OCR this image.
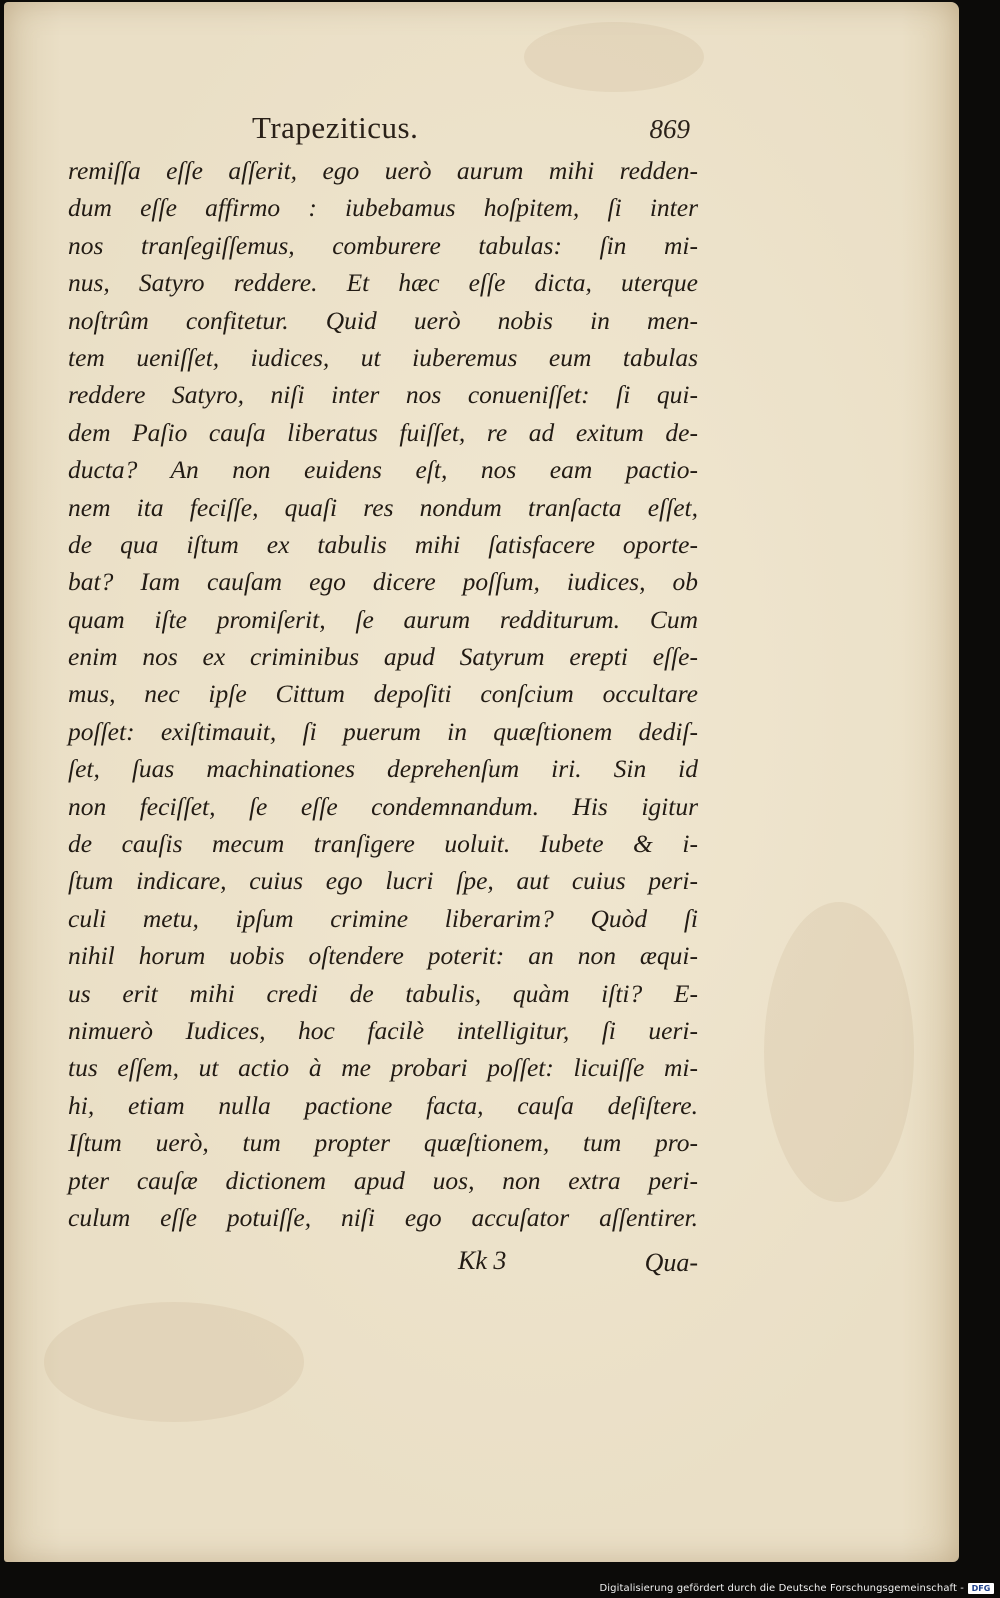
Trapeziticus.	869
remiſſa eſſe aſſerit, ego uerò aurum mihi redden-
dum eſſe affirmo : iubebamus hoſpitem, ſi inter
nos tranſegiſſemus, comburere tabulas: ſin mi-
nus, Satyro reddere. Et hæc eſſe dicta, uterque
noſtrûm confitetur. Quid uerò nobis in men-
tem ueniſſet, iudices, ut iuberemus eum tabulas
reddere Satyro, niſi inter nos conueniſſet: ſi qui-
dem Paſio cauſa liberatus fuiſſet, re ad exitum de-
ducta? An non euidens eſt, nos eam pactio-
nem ita feciſſe, quaſi res nondum tranſacta eſſet,
de qua iſtum ex tabulis mihi ſatisfacere oporte-
bat? Iam cauſam ego dicere poſſum, iudices, ob
quam iſte promiſerit, ſe aurum redditurum. Cum
enim nos ex criminibus apud Satyrum erepti eſſe-
mus, nec ipſe Cittum depoſiti conſcium occultare
poſſet: exiſtimauit, ſi puerum in quæſtionem dediſ-
ſet, ſuas machinationes deprehenſum iri. Sin id
non feciſſet, ſe eſſe condemnandum. His igitur
de cauſis mecum tranſigere uoluit. Iubete & i-
ſtum indicare, cuius ego lucri ſpe, aut cuius peri-
culi metu, ipſum crimine liberarim? Quòd ſi
nihil horum uobis oſtendere poterit: an non æqui-
us erit mihi credi de tabulis, quàm iſti? E-
nimuerò Iudices, hoc facilè intelligitur, ſi ueri-
tus eſſem, ut actio à me probari poſſet: licuiſſe mi-
hi, etiam nulla pactione facta, cauſa deſiſtere.
Iſtum uerò, tum propter quæſtionem, tum pro-
pter cauſæ dictionem apud uos, non extra peri-
culum eſſe potuiſſe, niſi ego accuſator aſſentirer.
Kk 3	Qua-
Digitalisierung gefördert durch die Deutsche Forschungsgemeinschaft - DFG
